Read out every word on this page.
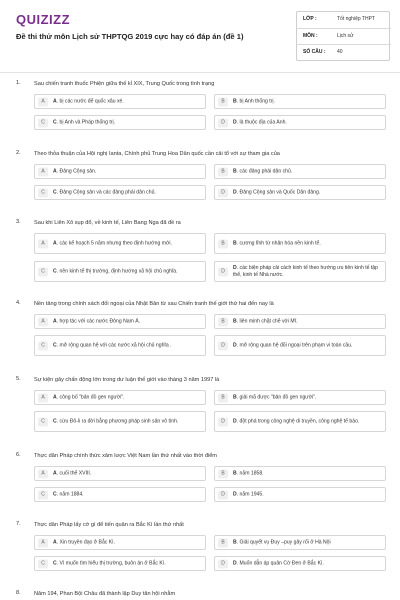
QUIZIZZ
Đề thi thử môn Lịch sử THPTQG 2019 cực hay có đáp án (đề 1)
LỚP :	Tốt nghiệp THPT
MÔN :	Lịch sử
SỐ CÂU : 40
1. Sau chiến tranh thuốc Phiện giữa thế kỉ XIX, Trung Quốc trong tình trạng
A	A. bị các nước đế quốc xâu xé.	B	B. bị Anh thống trị.
C	C. bị Anh và Pháp thống trị.	D	D. là thuộc địa của Anh.
2. Theo thỏa thuận của Hội nghị Ianta, Chính phủ Trung Hoa Dân quốc cần cải tổ với sự tham gia của
A	A. Đảng Cộng sản.	B	B. các đảng phái dân chủ.
C	C. Đảng Cộng sản và các đảng phái dân chủ.	D	D. Đảng Cộng sản và Quốc Dân đảng.
3. Sau khi Liên Xô sụp đổ, về kinh tế, Liên Bang Nga đã đề ra
A	A. các kế hoạch 5 năm nhưng theo định hướng mới.	B	B. cương lĩnh từ nhân hóa nền kinh tế.
C	C. nền kinh tế thị trường, định hướng xã hội chủ nghĩa.	D
D. các biện pháp cải cách kinh tế theo hướng ưu tiên kinh tế tập thể, kinh tế Nhà nước.
4. Nền tảng trong chính sách đối ngoại của Nhật Bản từ sau Chiến tranh thế giới thứ hai đến nay là
A	A. hợp tác với các nước Đông Nam Á.	B	B. liên minh chặt chẽ với Mĩ.
C	C. mở rộng quan hệ với các nước xã hội chủ nghĩa .	D	D. mở rộng quan hệ đối ngoại trên phạm vi toàn cầu.
5. Sự kiện gây chấn động lớn trong dư luận thế giới vào tháng 3 năm 1997 là
A	A. công bố "bản đồ gen người".	B	B. giải mã được "bản đồ gen người".
C	C. cừu Đô-li ra đời bằng phương pháp sinh sản vô tính.	D	D. đột phá trong công nghệ di truyền, công nghệ tế bào.
6. Thực dân Pháp chính thức xâm lược Việt Nam lần thứ nhất vào thời điểm
A	A. cuối thế XVIII.	B	B. năm 1858.
C	C. năm 1884.	D	D. năm 1945.
7. Thực dân Pháp lấy cớ gì để tiến quân ra Bắc Kì lần thứ nhất
A	A. Xin truyền đạo ở Bắc Kì.	B	B. Giải quyết vụ Đuy –puy gây rối ở Hà Nội
C	C. Vì muốn tìm hiểu thị trường, buôn án ở Bắc Kì.	D	D. Muốn dẫn áp quân Cờ Đen ở Bắc Kì.
8. Năm 194, Phan Bội Châu đã thành lập Duy tân hội nhằm
